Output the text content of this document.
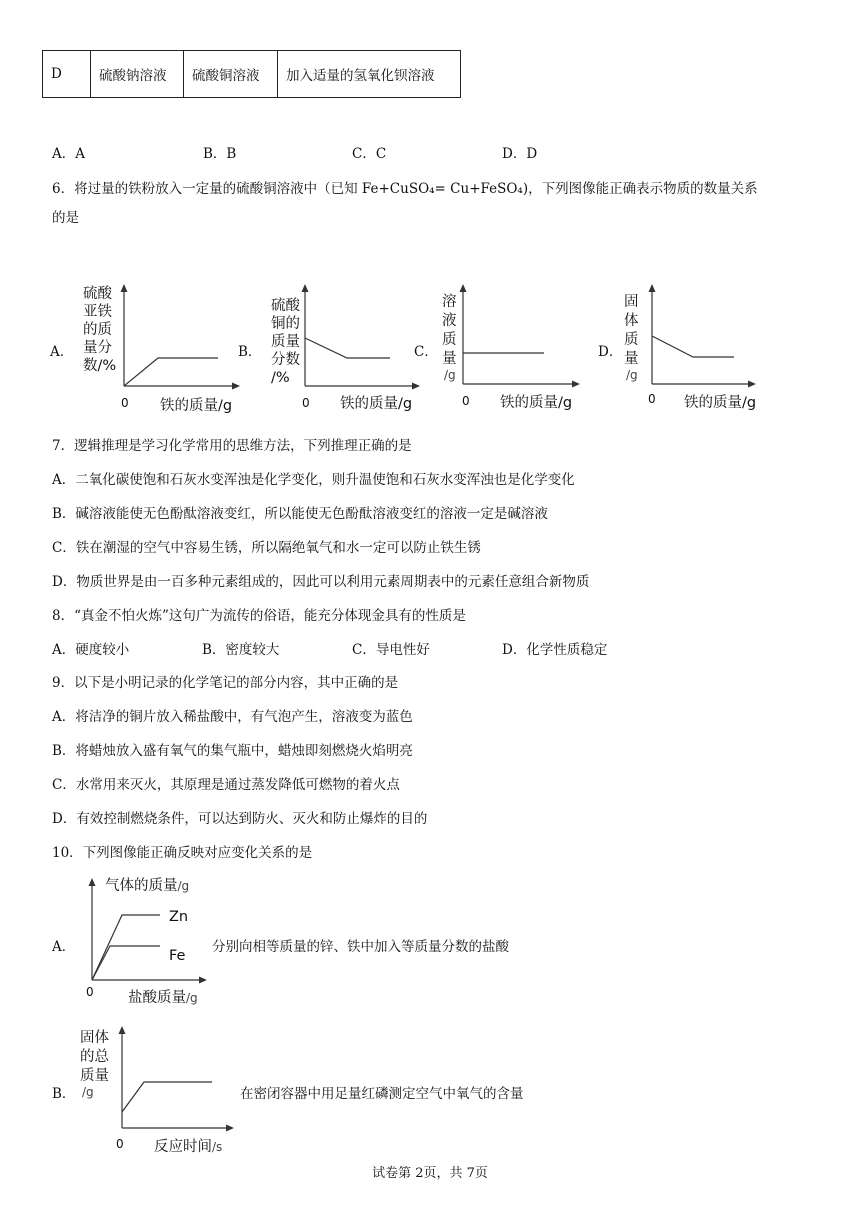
D	硫酸钠溶液	硫酸铜溶液	加入适量的氢氧化钡溶液
A．A	B．B	C．C	D．D
6．将过量的铁粉放入一定量的硫酸铜溶液中（已知 Fe+CuSO₄= Cu+FeSO₄)，下列图像能正确表示物质的数量关系
的是
A．
硫酸
亚铁
的质
量分
数/%
0 铁的质量/g
B．
硫酸
铜的
质量
分数
/%
0 铁的质量/g
C．
溶
液
质
量
/g
0 铁的质量/g
D．
固
体
质
量
/g
0 铁的质量/g
7．逻辑推理是学习化学常用的思维方法，下列推理正确的是
A．二氧化碳使饱和石灰水变浑浊是化学变化，则升温使饱和石灰水变浑浊也是化学变化
B．碱溶液能使无色酚酞溶液变红，所以能使无色酚酞溶液变红的溶液一定是碱溶液
C．铁在潮湿的空气中容易生锈，所以隔绝氧气和水一定可以防止铁生锈
D．物质世界是由一百多种元素组成的，因此可以利用元素周期表中的元素任意组合新物质
8．“真金不怕火炼”这句广为流传的俗语，能充分体现金具有的性质是
A．硬度较小	B．密度较大	C．导电性好	D．化学性质稳定
9．以下是小明记录的化学笔记的部分内容，其中正确的是
A．将洁净的铜片放入稀盐酸中，有气泡产生，溶液变为蓝色
B．将蜡烛放入盛有氧气的集气瓶中，蜡烛即刻燃烧火焰明亮
C．水常用来灭火，其原理是通过蒸发降低可燃物的着火点
D．有效控制燃烧条件，可以达到防火、灭火和防止爆炸的目的
10．下列图像能正确反映对应变化关系的是
A．
气体的质量/g
Zn
Fe
0 盐酸质量/g
分别向相等质量的锌、铁中加入等质量分数的盐酸
B．
固体
的总
质量
/g
0 反应时间/s
在密闭容器中用足量红磷测定空气中氧气的含量
试卷第 2页，共 7页
